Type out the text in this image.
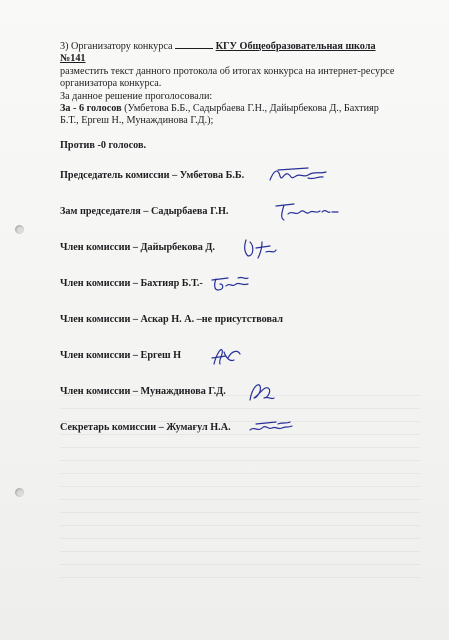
3) Организатору конкурса	КГУ Общеобразовательная школа
№141
разместить текст данного протокола об итогах конкурса на интернет-ресурсе
организатора конкурса.
За данное решение проголосовали:
За - 6 голосов (Умбетова Б.Б., Садырбаева Г.Н., Дайырбекова Д., Бахтияр
Б.Т., Ергеш Н., Мунаждинова Г.Д.);
Против -0 голосов.
Председатель комиссии – Умбетова Б.Б.
Зам председателя – Садырбаева Г.Н.
Член комиссии – Дайырбекова Д.
Член комиссии – Бахтияр Б.Т.-
Член комиссии – Аскар Н. А. –не присутствовал
Член комиссии – Ергеш Н
Член комиссии – Мунаждинова Г.Д.
Секретарь комиссии – Жумағул Н.А.
